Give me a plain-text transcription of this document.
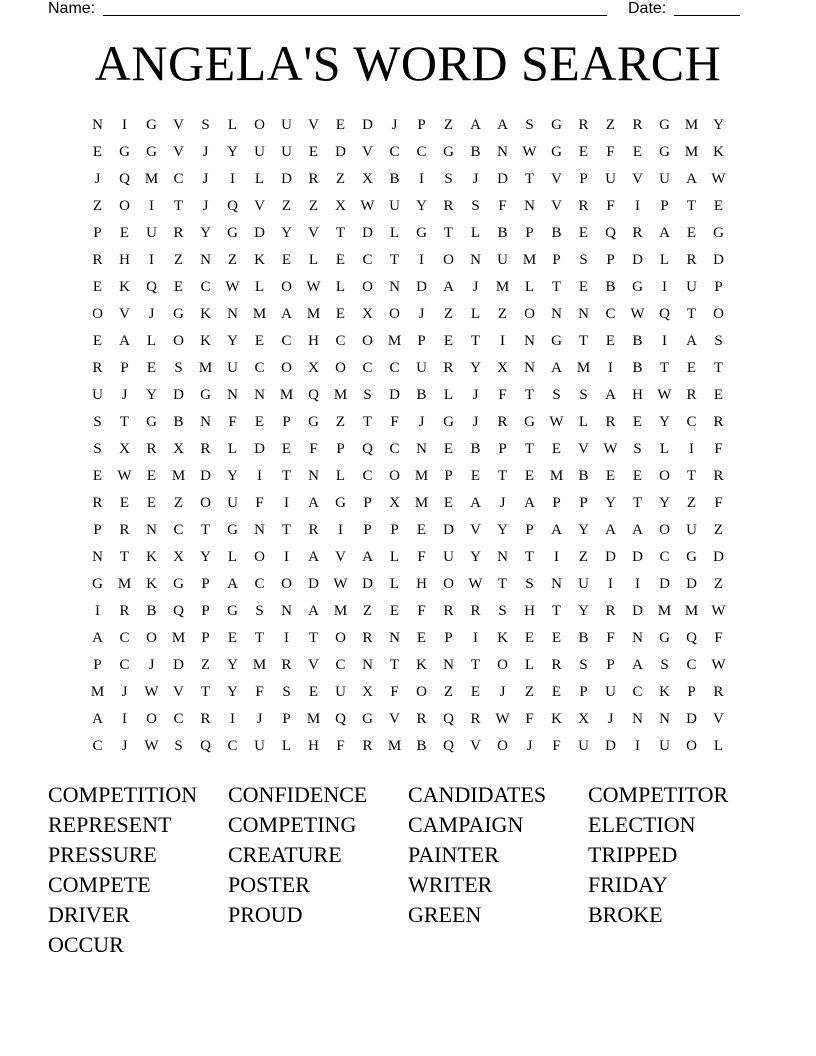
Name:	Date:
ANGELA'S WORD SEARCH
N	I	G	V	S	L	O	U	V	E	D	J	P	Z	A	A	S	G	R	Z	R	G M Y
E	G	G	V	J	Y	U	U	E	D	V	C	C	G	B	N W G	E	F	E	G M K
J	Q M	C	J	I	L	D	R	Z	X	B	I	S	J	D	T	V	P	U	V	U	A W
Z	O	I	T	J	Q	V	Z	Z	X W U	Y	R	S	F	N	V	R	F	I	P	T	E
P	E	U	R	Y	G	D	Y	V	T	D	L	G	T	L	B	P	B	E	Q	R	A	E	G
R	H	I	Z	N	Z	K	E	L	E	C	T	I	O	N	U M	P	S	P	D	L	R	D
E	K	Q	E	C W	L	O W	L	O	N	D	A	J	M	L	T	E	B	G	I	U	P
O	V	J	G	K	N M A M	E	X	O	J	Z	L	Z	O	N	N	C W Q	T	O
E	A	L	O	K	Y	E	C	H	C	O M	P	E	T	I	N	G	T	E	B	I	A	S
R	P	E	S	M U	C	O	X	O	C	C	U	R	Y	X	N	A M	I	B	T	E	T
U	J	Y	D	G	N	N M Q M	S	D	B	L	J	F	T	S	S	A	H W R	E
S	T	G	B	N	F	E	P	G	Z	T	F	J	G	J	R	G W	L	R	E	Y	C	R
S	X	R	X	R	L	D	E	F	P	Q	C	N	E	B	P	T	E	V W	S	L	I	F
E	W	E	M D	Y	I	T	N	L	C	O M	P	E	T	E	M	B	E	E	O	T	R
R	E	E	Z	O	U	F	I	A	G	P	X M	E	A	J	A	P	P	Y	T	Y	Z	F
P	R	N	C	T	G	N	T	R	I	P	P	E	D	V	Y	P	A	Y	A	A	O	U	Z
N	T	K	X	Y	L	O	I	A	V	A	L	F	U	Y	N	T	I	Z	D	D	C	G	D
G M K	G	P	A	C	O	D W D	L	H	O W	T	S	N	U	I	I	D	D	Z
I	R	B	Q	P	G	S	N	A M	Z	E	F	R	R	S	H	T	Y	R	D M M W
A	C	O M	P	E	T	I	T	O	R	N	E	P	I	K	E	E	B	F	N	G	Q	F
P	C	J	D	Z	Y M	R	V	C	N	T	K	N	T	O	L	R	S	P	A	S	C W
M	J	W V	T	Y	F	S	E	U	X	F	O	Z	E	J	Z	E	P	U	C	K	P	R
A	I	O	C	R	I	J	P	M Q	G	V	R	Q	R W	F	K	X	J	N	N	D	V
C	J	W	S	Q	C	U	L	H	F	R	M	B	Q	V	O	J	F	U	D	I	U	O	L
COMPETITION	CONFIDENCE	CANDIDATES	COMPETITOR
REPRESENT	COMPETING	CAMPAIGN	ELECTION
PRESSURE	CREATURE	PAINTER	TRIPPED
COMPETE	POSTER	WRITER	FRIDAY
DRIVER	PROUD	GREEN	BROKE
OCCUR
